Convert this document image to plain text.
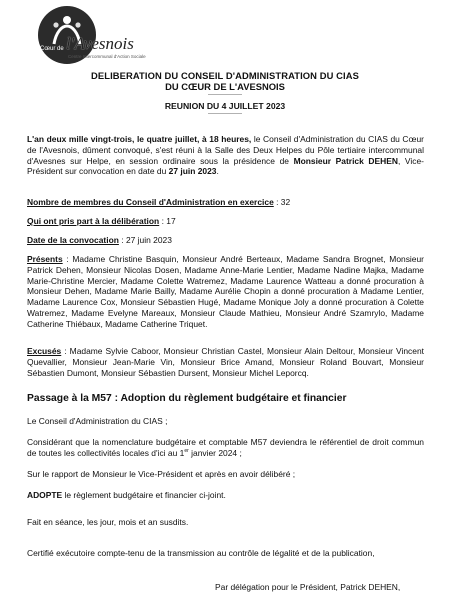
Cœur de l'Avesnois
Centre Intercommunal d'Action Sociale
DELIBERATION DU CONSEIL D'ADMINISTRATION DU CIAS
DU CŒUR DE L'AVESNOIS
-----------------
REUNION DU 4 JUILLET 2023
-----------------
L'an deux mille vingt-trois, le quatre juillet, à 18 heures, le Conseil d'Administration du CIAS du Cœur de l'Avesnois, dûment convoqué, s'est réuni à la Salle des Deux Helpes du Pôle tertiaire intercommunal d'Avesnes sur Helpe, en session ordinaire sous la présidence de Monsieur Patrick DEHEN, Vice-Président sur convocation en date du 27 juin 2023.
Nombre de membres du Conseil d'Administration en exercice : 32
Qui ont pris part à la délibération : 17
Date de la convocation : 27 juin 2023
Présents : Madame Christine Basquin, Monsieur André Berteaux, Madame Sandra Brognet, Monsieur Patrick Dehen, Monsieur Nicolas Dosen, Madame Anne-Marie Lentier, Madame Nadine Majka, Madame Marie-Christine Mercier, Madame Colette Watremez, Madame Laurence Watteau a donné procuration à Monsieur Dehen, Madame Marie Bailly, Madame Aurélie Chopin a donné procuration à Madame Lentier, Madame Laurence Cox, Monsieur Sébastien Hugé, Madame Monique Joly a donné procuration à Colette Watremez, Madame Evelyne Mareaux, Monsieur Claude Mathieu, Monsieur André Szamrylo, Madame Catherine Thiébaux, Madame Catherine Triquet.
Excusés : Madame Sylvie Caboor, Monsieur Christian Castel, Monsieur Alain Deltour, Monsieur Vincent Quevallier, Monsieur Jean-Marie Vin, Monsieur Brice Amand, Monsieur Roland Bouvart, Monsieur Sébastien Dumont, Monsieur Sébastien Dursent, Monsieur Michel Leporcq.
Passage à la M57 : Adoption du règlement budgétaire et financier
Le Conseil d'Administration du CIAS ;
Considérant que la nomenclature budgétaire et comptable M57 deviendra le référentiel de droit commun de toutes les collectivités locales d'ici au 1er janvier 2024 ;
Sur le rapport de Monsieur le Vice-Président et après en avoir délibéré ;
ADOPTE le règlement budgétaire et financier ci-joint.
Fait en séance, les jour, mois et an susdits.
Certifié exécutoire compte-tenu de la transmission au contrôle de légalité et de la publication,
Par délégation pour le Président, Patrick DEHEN,
